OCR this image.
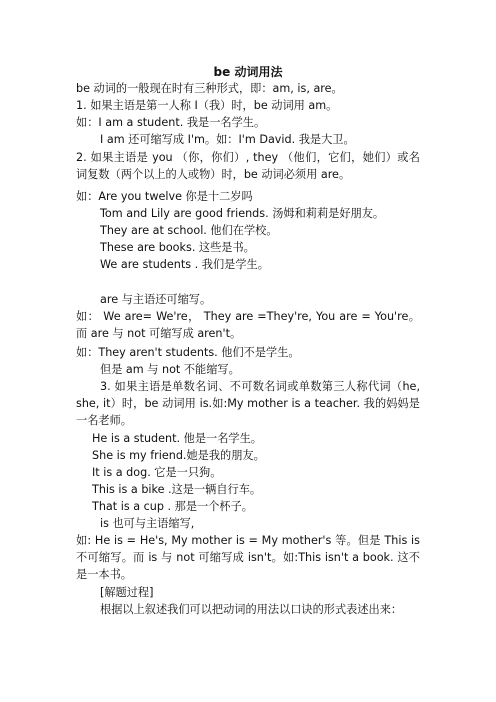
be 动词用法
be 动词的一般现在时有三种形式，即：am, is, are。
1. 如果主语是第一人称 I（我）时，be 动词用 am。
如：I am a student. 我是一名学生。
I am 还可缩写成 I'm。如：I'm David. 我是大卫。
2. 如果主语是 you （你，你们）, they （他们，它们，她们）或名词复数（两个以上的人或物）时，be 动词必须用 are。
如：Are you twelve 你是十二岁吗
Tom and Lily are good friends. 汤姆和莉莉是好朋友。
They are at school. 他们在学校。
These are books. 这些是书。
We are students . 我们是学生。
are 与主语还可缩写。
如： We are= We're， They are =They're, You are = You're。而 are 与 not 可缩写成 aren't。
如：They aren't students. 他们不是学生。
但是 am 与 not 不能缩写。
3. 如果主语是单数名词、不可数名词或单数第三人称代词（he, she, it）时，be 动词用 is.如:My mother is a teacher. 我的妈妈是一名老师。
He is a student. 他是一名学生。
She is my friend.她是我的朋友。
It is a dog. 它是一只狗。
This is a bike .这是一辆自行车。
That is a cup . 那是一个杯子。
is 也可与主语缩写,
如: He is = He's, My mother is = My mother's 等。但是 This is 不可缩写。而 is 与 not 可缩写成 isn't。如:This isn't a book. 这不是一本书。
[解题过程]
根据以上叙述我们可以把动词的用法以口诀的形式表述出来：
